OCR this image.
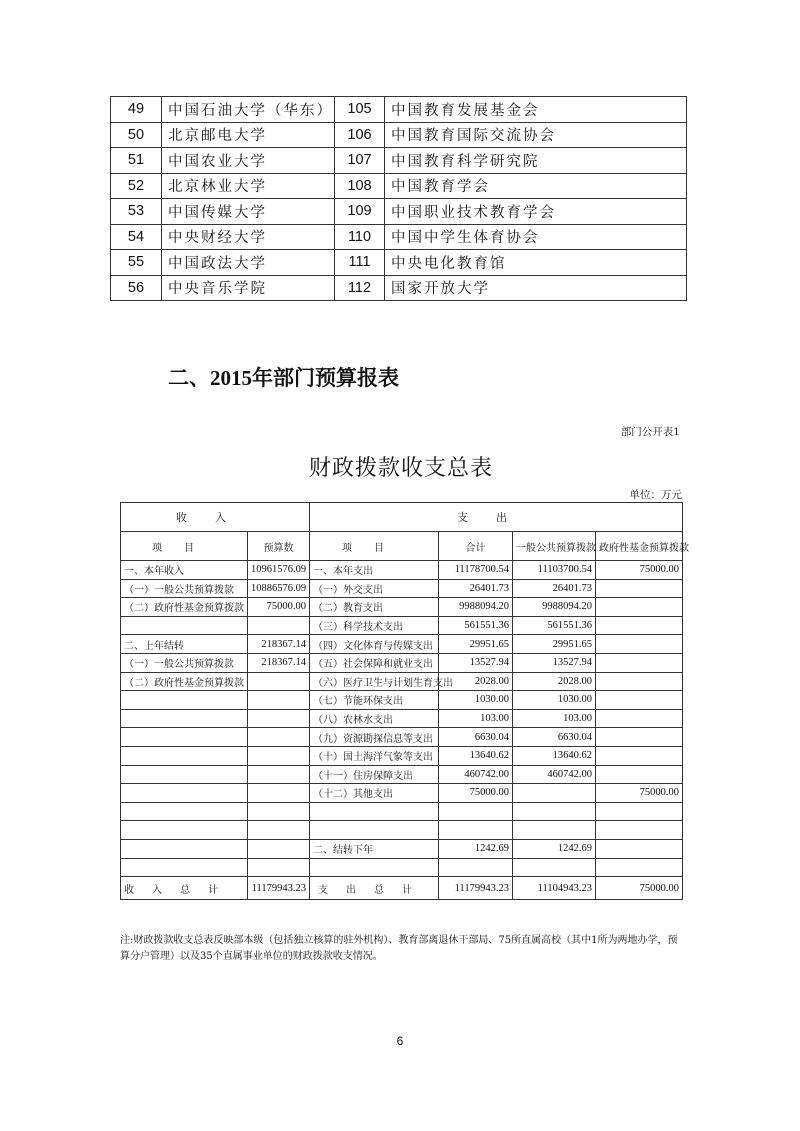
49	中国石油大学（华东）	105	中国教育发展基金会
50	北京邮电大学	106	中国教育国际交流协会
51	中国农业大学	107	中国教育科学研究院
52	北京林业大学	108	中国教育学会
53	中国传媒大学	109	中国职业技术教育学会
54	中央财经大学	110	中国中学生体育协会
55	中国政法大学	111	中央电化教育馆
56	中央音乐学院	112	国家开放大学
二、2015年部门预算报表
部门公开表1
财政拨款收支总表
单位：万元
收入		支出			
项目	预算数	项目	合计	一般公共预算拨款	政府性基金预算拨款
一、本年收入	10961576.09	一、本年支出	11178700.54	11103700.54	75000.00
（一）一般公共预算拨款	10886576.09	（一）外交支出	26401.73	26401.73	
（二）政府性基金预算拨款	75000.00	（二）教育支出	9988094.20	9988094.20	
		（三）科学技术支出	561551.36	561551.36	
二、上年结转	218367.14	（四）文化体育与传媒支出	29951.65	29951.65	
（一）一般公共预算拨款	218367.14	（五）社会保障和就业支出	13527.94	13527.94	
（二）政府性基金预算拨款		（六）医疗卫生与计划生育支出	2028.00	2028.00	
		（七）节能环保支出	1030.00	1030.00	
		（八）农林水支出	103.00	103.00	
		（九）资源勘探信息等支出	6630.04	6630.04	
		（十）国土海洋气象等支出	13640.62	13640.62	
		（十一）住房保障支出	460742.00	460742.00	
		（十二）其他支出	75000.00		75000.00

		二、结转下年	1242.69	1242.69	

收入总计	11179943.23	支出总计	11179943.23	11104943.23	75000.00
注:财政拨款收支总表反映部本级（包括独立核算的驻外机构）、教育部离退休干部局、75所直属高校（其中1所为两地办学，预算分户管理）以及35个直属事业单位的财政拨款收支情况。
6
